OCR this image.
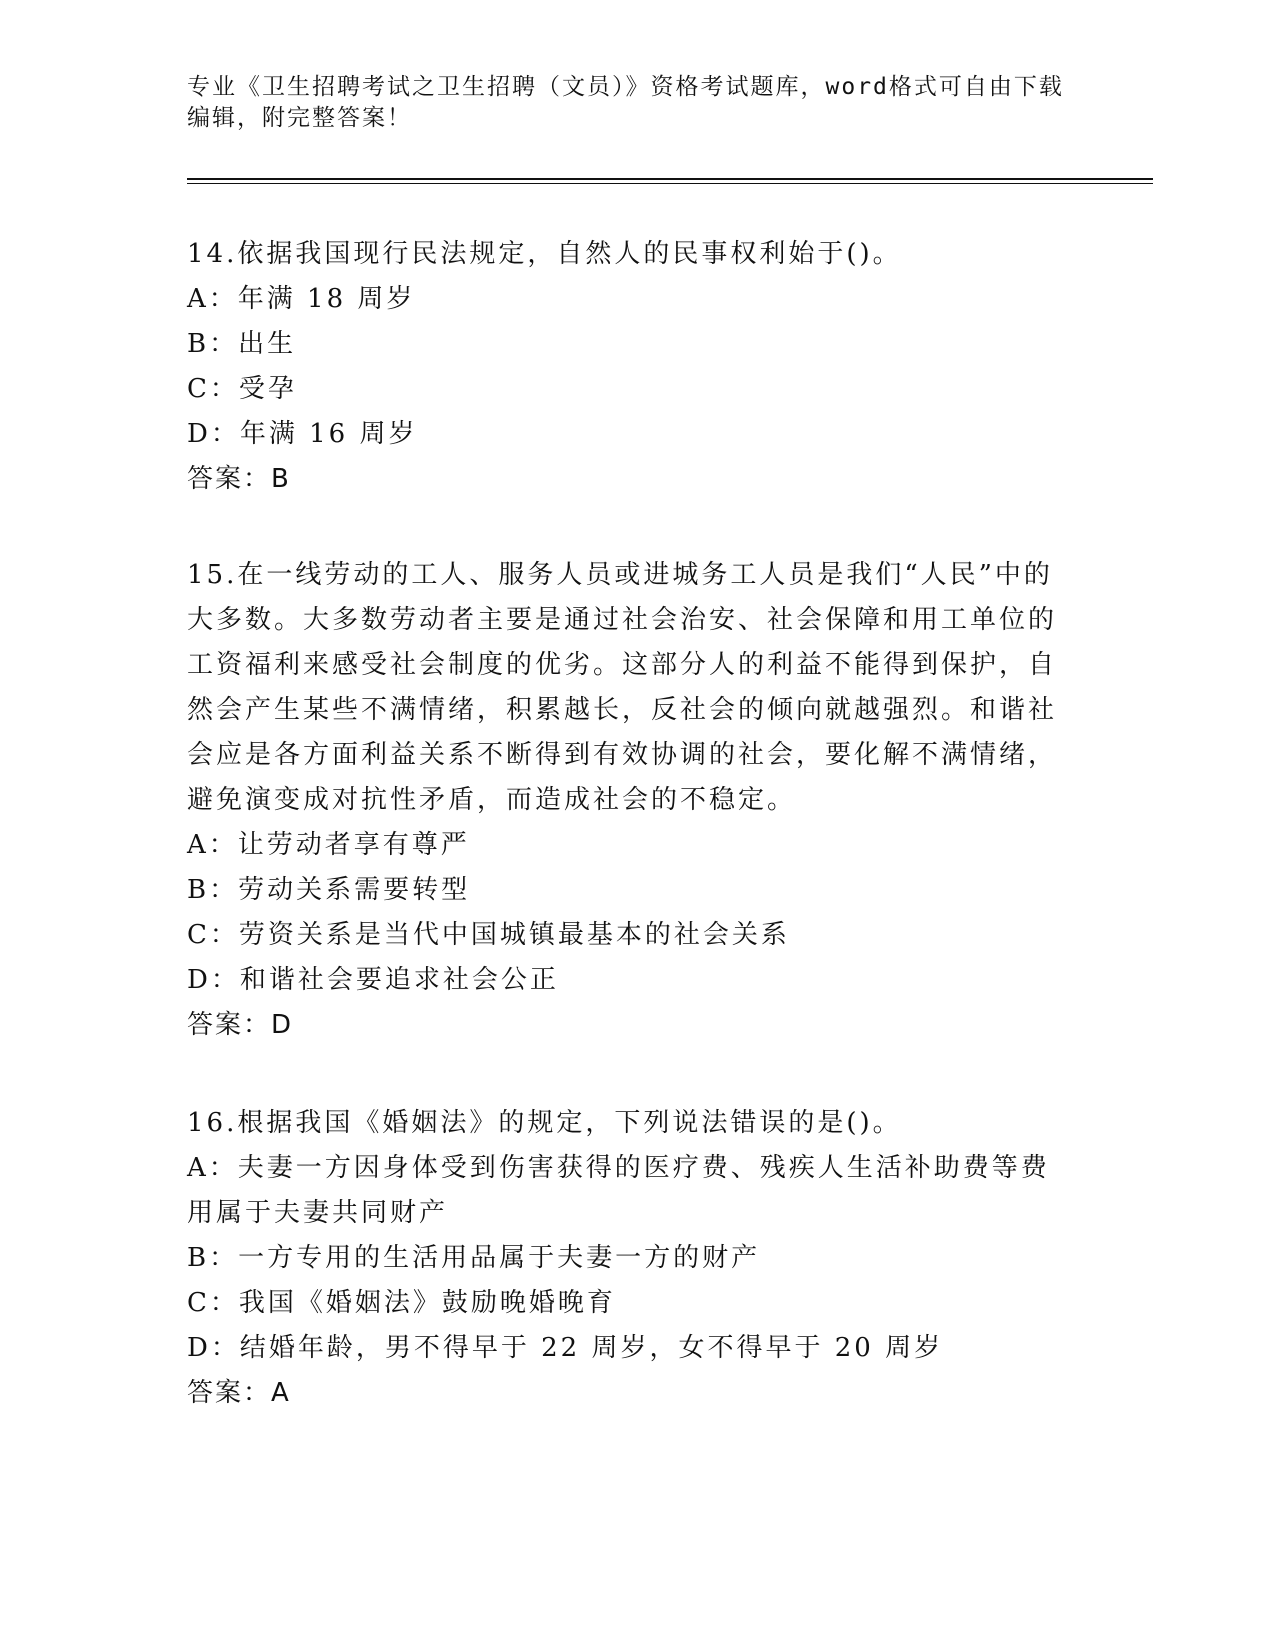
专业《卫生招聘考试之卫生招聘（文员）》资格考试题库，word格式可自由下载编辑，附完整答案！
14.依据我国现行民法规定，自然人的民事权利始于()。
A：年满 18 周岁
B：出生
C：受孕
D：年满 16 周岁
答案：B
15.在一线劳动的工人、服务人员或进城务工人员是我们“人民”中的大多数。大多数劳动者主要是通过社会治安、社会保障和用工单位的工资福利来感受社会制度的优劣。这部分人的利益不能得到保护，自然会产生某些不满情绪，积累越长，反社会的倾向就越强烈。和谐社会应是各方面利益关系不断得到有效协调的社会，要化解不满情绪，避免演变成对抗性矛盾，而造成社会的不稳定。
A：让劳动者享有尊严
B：劳动关系需要转型
C：劳资关系是当代中国城镇最基本的社会关系
D：和谐社会要追求社会公正
答案：D
16.根据我国《婚姻法》的规定，下列说法错误的是()。
A：夫妻一方因身体受到伤害获得的医疗费、残疾人生活补助费等费用属于夫妻共同财产
B：一方专用的生活用品属于夫妻一方的财产
C：我国《婚姻法》鼓励晚婚晚育
D：结婚年龄，男不得早于 22 周岁，女不得早于 20 周岁
答案：A
